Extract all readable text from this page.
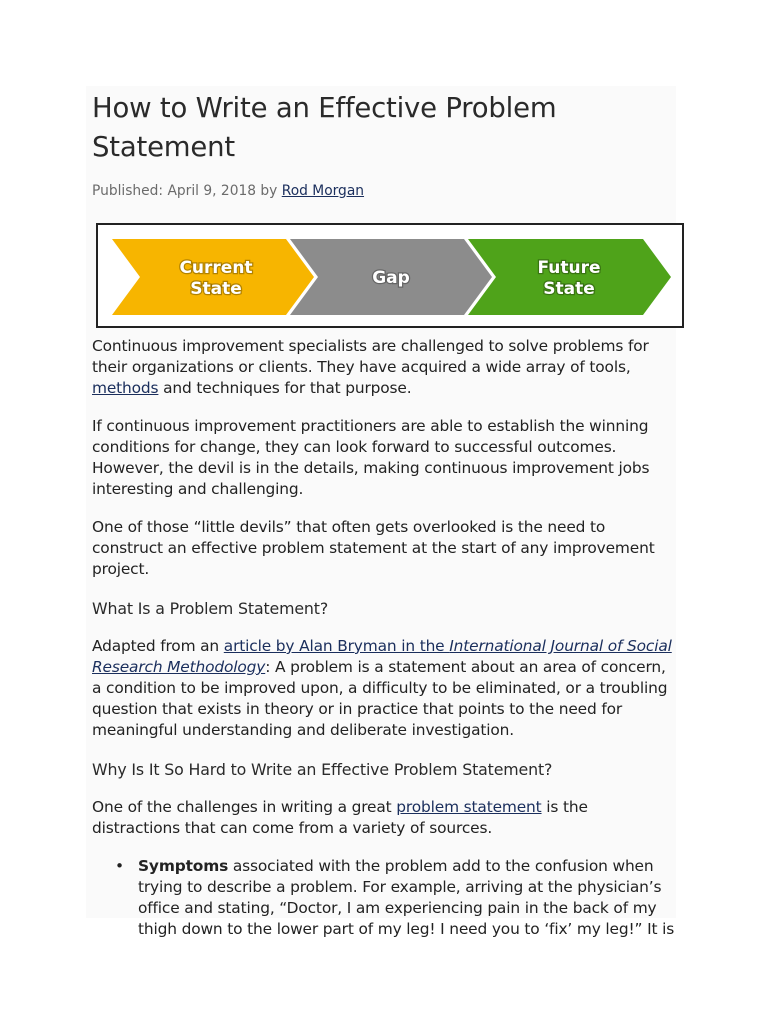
How to Write an Effective Problem Statement
Published: April 9, 2018 by Rod Morgan
Current
State
Gap	Future
State

Continuous improvement specialists are challenged to solve problems for their organizations or clients. They have acquired a wide array of tools, methods and techniques for that purpose.

If continuous improvement practitioners are able to establish the winning conditions for change, they can look forward to successful outcomes. However, the devil is in the details, making continuous improvement jobs interesting and challenging.

One of those “little devils” that often gets overlooked is the need to construct an effective problem statement at the start of any improvement project.

What Is a Problem Statement?

Adapted from an article by Alan Bryman in the International Journal of Social Research Methodology: A problem is a statement about an area of concern, a condition to be improved upon, a difficulty to be eliminated, or a troubling question that exists in theory or in practice that points to the need for meaningful understanding and deliberate investigation.

Why Is It So Hard to Write an Effective Problem Statement?

One of the challenges in writing a great problem statement is the distractions that can come from a variety of sources.

• Symptoms associated with the problem add to the confusion when trying to describe a problem. For example, arriving at the physician’s office and stating, “Doctor, I am experiencing pain in the back of my thigh down to the lower part of my leg! I need you to ‘fix’ my leg!” It is
